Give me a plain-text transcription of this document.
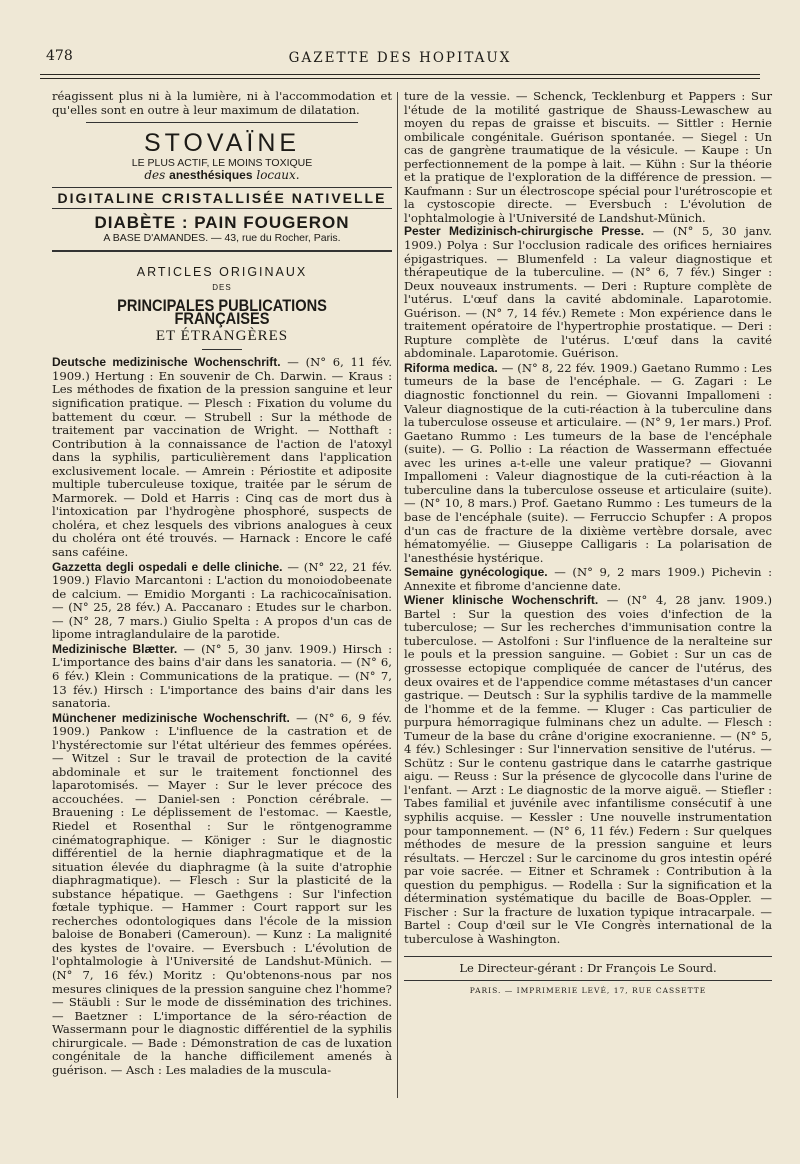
478	GAZETTE DES HOPITAUX

réagissent plus ni à la lumière, ni à l'accommodation et qu'elles sont en outre à leur maximum de dilatation.

STOVAÏNE
LE PLUS ACTIF, LE MOINS TOXIQUE
des anesthésiques locaux.
DIGITALINE CRISTALLISÉE NATIVELLE
DIABÈTE : PAIN FOUGERON
A BASE D'AMANDES. — 43, rue du Rocher, Paris.
ARTICLES ORIGINAUX
DES
PRINCIPALES PUBLICATIONS FRANÇAISES
ET ÉTRANGÈRES

Deutsche medizinische Wochenschrift. — (N° 6, 11 fév. 1909.) Hertung : En souvenir de Ch. Darwin. — Kraus : Les méthodes de fixation de la pression sanguine et leur signification pratique. — Plesch : Fixation du volume du battement du cœur. — Strubell : Sur la méthode de traitement par vaccination de Wright. — Notthaft : Contribution à la connaissance de l'action de l'atoxyl dans la syphilis, particulièrement dans l'application exclusivement locale. — Amrein : Périostite et adiposite multiple tuberculeuse toxique, traitée par le sérum de Marmorek. — Dold et Harris : Cinq cas de mort dus à l'intoxication par l'hydrogène phosphoré, suspects de choléra, et chez lesquels des vibrions analogues à ceux du choléra ont été trouvés. — Harnack : Encore le café sans caféine.

Gazzetta degli ospedali e delle cliniche. — (N° 22, 21 fév. 1909.) Flavio Marcantoni : L'action du monoiodobeenate de calcium. — Emidio Morganti : La rachicocaïnisation. — (N° 25, 28 fév.) A. Paccanaro : Etudes sur le charbon. — (N° 28, 7 mars.) Giulio Spelta : A propos d'un cas de lipome intraglandulaire de la parotide.

Medizinische Blætter. — (N° 5, 30 janv. 1909.) Hirsch : L'importance des bains d'air dans les sanatoria. — (N° 6, 6 fév.) Klein : Communications de la pratique. — (N° 7, 13 fév.) Hirsch : L'importance des bains d'air dans les sanatoria.

Münchener medizinische Wochenschrift. — (N° 6, 9 fév. 1909.) Pankow : L'influence de la castration et de l'hystérectomie sur l'état ultérieur des femmes opérées. — Witzel : Sur le travail de protection de la cavité abdominale et sur le traitement fonctionnel des laparotomisés. — Mayer : Sur le lever précoce des accouchées. — Daniel-sen : Ponction cérébrale. — Brauening : Le déplissement de l'estomac. — Kaestle, Riedel et Rosenthal : Sur le röntgenogramme cinématographique. — Königer : Sur le diagnostic différentiel de la hernie diaphragmatique et de la situation élevée du diaphragme (à la suite d'atrophie diaphragmatique). — Flesch : Sur la plasticité de la substance hépatique. — Gaethgens : Sur l'infection fœtale typhique. — Hammer : Court rapport sur les recherches odontologiques dans l'école de la mission baloise de Bonaberi (Cameroun). — Kunz : La malignité des kystes de l'ovaire. — Eversbuch : L'évolution de l'ophtalmologie à l'Université de Landshut-Münich. — (N° 7, 16 fév.) Moritz : Qu'obtenons-nous par nos mesures cliniques de la pression sanguine chez l'homme? — Stäubli : Sur le mode de dissémination des trichines. — Baetzner : L'importance de la séro-réaction de Wassermann pour le diagnostic différentiel de la syphilis chirurgicale. — Bade : Démonstration de cas de luxation congénitale de la hanche difficilement amenés à guérison. — Asch : Les maladies de la muscula-

ture de la vessie. — Schenck, Tecklenburg et Pappers : Sur l'étude de la motilité gastrique de Shauss-Lewaschew au moyen du repas de graisse et biscuits. — Sittler : Hernie ombilicale congénitale. Guérison spontanée. — Siegel : Un cas de gangrène traumatique de la vésicule. — Kaupe : Un perfectionnement de la pompe à lait. — Kühn : Sur la théorie et la pratique de l'exploration de la différence de pression. — Kaufmann : Sur un électroscope spécial pour l'urétroscopie et la cystoscopie directe. — Eversbuch : L'évolution de l'ophtalmologie à l'Université de Landshut-Münich.

Pester Medizinisch-chirurgische Presse. — (N° 5, 30 janv. 1909.) Polya : Sur l'occlusion radicale des orifices herniaires épigastriques. — Blumenfeld : La valeur diagnostique et thérapeutique de la tuberculine. — (N° 6, 7 fév.) Singer : Deux nouveaux instruments. — Deri : Rupture complète de l'utérus. L'œuf dans la cavité abdominale. Laparotomie. Guérison. — (N° 7, 14 fév.) Remete : Mon expérience dans le traitement opératoire de l'hypertrophie prostatique. — Deri : Rupture complète de l'utérus. L'œuf dans la cavité abdominale. Laparotomie. Guérison.

Riforma medica. — (N° 8, 22 fév. 1909.) Gaetano Rummo : Les tumeurs de la base de l'encéphale. — G. Zagari : Le diagnostic fonctionnel du rein. — Giovanni Impallomeni : Valeur diagnostique de la cuti-réaction à la tuberculine dans la tuberculose osseuse et articulaire. — (N° 9, 1er mars.) Prof. Gaetano Rummo : Les tumeurs de la base de l'encéphale (suite). — G. Pollio : La réaction de Wassermann effectuée avec les urines a-t-elle une valeur pratique? — Giovanni Impallomeni : Valeur diagnostique de la cuti-réaction à la tuberculine dans la tuberculose osseuse et articulaire (suite). — (N° 10, 8 mars.) Prof. Gaetano Rummo : Les tumeurs de la base de l'encéphale (suite). — Ferruccio Schupfer : A propos d'un cas de fracture de la dixième vertèbre dorsale, avec hématomyélie. — Giuseppe Calligaris : La polarisation de l'anesthésie hystérique.

Semaine gynécologique. — (N° 9, 2 mars 1909.) Pichevin : Annexite et fibrome d'ancienne date.

Wiener klinische Wochenschrift. — (N° 4, 28 janv. 1909.) Bartel : Sur la question des voies d'infection de la tuberculose; — Sur les recherches d'immunisation contre la tuberculose. — Astolfoni : Sur l'influence de la neralteine sur le pouls et la pression sanguine. — Gobiet : Sur un cas de grossesse ectopique compliquée de cancer de l'utérus, des deux ovaires et de l'appendice comme métastases d'un cancer gastrique. — Deutsch : Sur la syphilis tardive de la mammelle de l'homme et de la femme. — Kluger : Cas particulier de purpura hémorragique fulminans chez un adulte. — Flesch : Tumeur de la base du crâne d'origine exocranienne. — (N° 5, 4 fév.) Schlesinger : Sur l'innervation sensitive de l'utérus. — Schütz : Sur le contenu gastrique dans le catarrhe gastrique aigu. — Reuss : Sur la présence de glycocolle dans l'urine de l'enfant. — Arzt : Le diagnostic de la morve aiguë. — Stiefler : Tabes familial et juvénile avec infantilisme consécutif à une syphilis acquise. — Kessler : Une nouvelle instrumentation pour tamponnement. — (N° 6, 11 fév.) Federn : Sur quelques méthodes de mesure de la pression sanguine et leurs résultats. — Herczel : Sur le carcinome du gros intestin opéré par voie sacrée. — Eitner et Schramek : Contribution à la question du pemphigus. — Rodella : Sur la signification et la détermination systématique du bacille de Boas-Oppler. — Fischer : Sur la fracture de luxation typique intracarpale. — Bartel : Coup d'œil sur le VIe Congrès international de la tuberculose à Washington.

Le Directeur-gérant : Dr François Le Sourd.
PARIS. — IMPRIMERIE LEVÉ, 17, RUE CASSETTE
